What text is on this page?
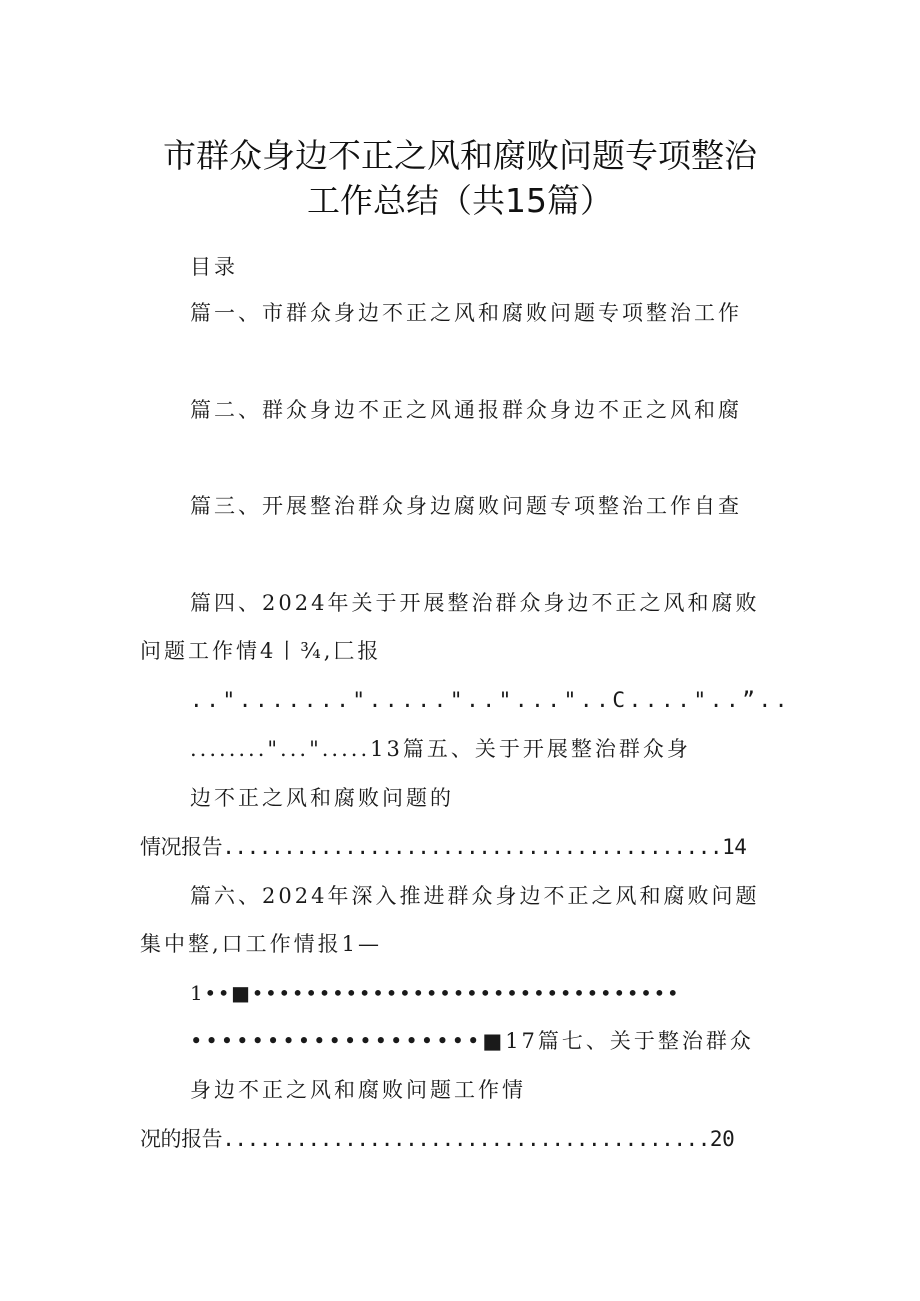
市群众身边不正之风和腐败问题专项整治
工作总结（共15篇）
目录
篇一、市群众身边不正之风和腐败问题专项整治工作
篇二、群众身边不正之风通报群众身边不正之风和腐
篇三、开展整治群众身边腐败问题专项整治工作自查
篇四、2024年关于开展整治群众身边不正之风和腐败
问题工作情4丨¾,匚报
..".......".....".."..."..C...."..”..
........"...".....13篇五、关于开展整治群众身
边不正之风和腐败问题的
情况报告.........................................14
篇六、2024年深入推进群众身边不正之风和腐败问题
集中整,口工作情报1—
1••■••••••••••••••••••••••••••••••••
•••••••••••••••••••■17篇七、关于整治群众
身边不正之风和腐败问题工作情
况的报告........................................20
